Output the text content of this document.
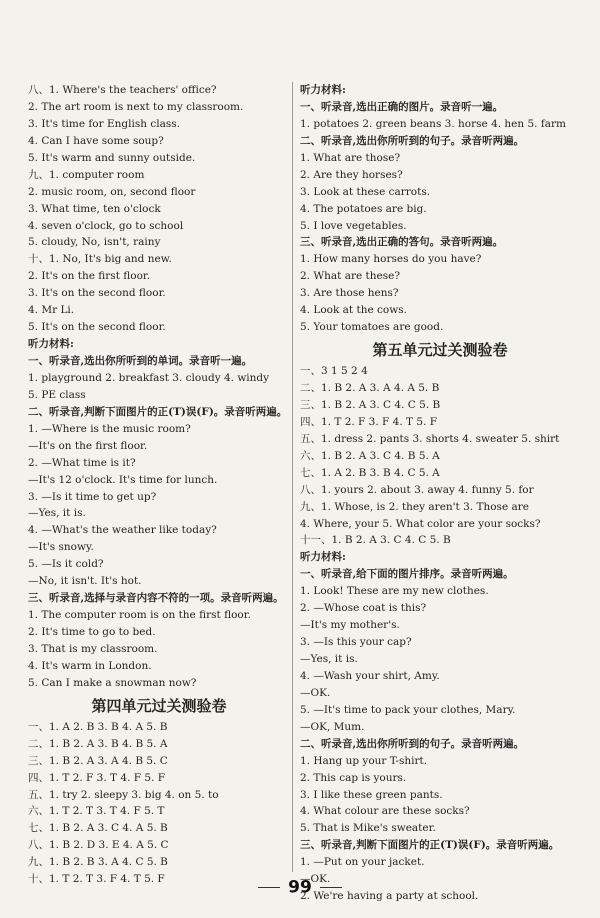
八、1. Where's the teachers' office?
2. The art room is next to my classroom.
3. It's time for English class.
4. Can I have some soup?
5. It's warm and sunny outside.
九、1. computer room
2. music room, on, second floor
3. What time, ten o'clock
4. seven o'clock, go to school
5. cloudy, No, isn't, rainy
十、1. No, It's big and new.
2. It's on the first floor.
3. It's on the second floor.
4. Mr Li.
5. It's on the second floor.
听力材料:
一、听录音,选出你所听到的单词。录音听一遍。
1. playground 2. breakfast 3. cloudy 4. windy
5. PE class
二、听录音,判断下面图片的正(T)误(F)。录音听两遍。
1. —Where is the music room?
—It's on the first floor.
2. —What time is it?
—It's 12 o'clock. It's time for lunch.
3. —Is it time to get up?
—Yes, it is.
4. —What's the weather like today?
—It's snowy.
5. —Is it cold?
—No, it isn't. It's hot.
三、听录音,选择与录音内容不符的一项。录音听两遍。
1. The computer room is on the first floor.
2. It's time to go to bed.
3. That is my classroom.
4. It's warm in London.
5. Can I make a snowman now?
第四单元过关测验卷
一、1. A 2. B 3. B 4. A 5. B
二、1. B 2. A 3. B 4. B 5. A
三、1. B 2. A 3. A 4. B 5. C
四、1. T 2. F 3. T 4. F 5. F
五、1. try 2. sleepy 3. big 4. on 5. to
六、1. T 2. T 3. T 4. F 5. T
七、1. B 2. A 3. C 4. A 5. B
八、1. B 2. D 3. E 4. A 5. C
九、1. B 2. B 3. A 4. C 5. B
十、1. T 2. T 3. F 4. T 5. F
听力材料:
一、听录音,选出正确的图片。录音听一遍。
1. potatoes 2. green beans 3. horse 4. hen 5. farm
二、听录音,选出你所听到的句子。录音听两遍。
1. What are those?
2. Are they horses?
3. Look at these carrots.
4. The potatoes are big.
5. I love vegetables.
三、听录音,选出正确的答句。录音听两遍。
1. How many horses do you have?
2. What are these?
3. Are those hens?
4. Look at the cows.
5. Your tomatoes are good.
第五单元过关测验卷
一、3 1 5 2 4
二、1. B 2. A 3. A 4. A 5. B
三、1. B 2. A 3. C 4. C 5. B
四、1. T 2. F 3. F 4. T 5. F
五、1. dress 2. pants 3. shorts 4. sweater 5. shirt
六、1. B 2. A 3. C 4. B 5. A
七、1. A 2. B 3. B 4. C 5. A
八、1. yours 2. about 3. away 4. funny 5. for
九、1. Whose, is 2. they aren't 3. Those are
4. Where, your 5. What color are your socks?
十一、1. B 2. A 3. C 4. C 5. B
听力材料:
一、听录音,给下面的图片排序。录音听两遍。
1. Look! These are my new clothes.
2. —Whose coat is this?
—It's my mother's.
3. —Is this your cap?
—Yes, it is.
4. —Wash your shirt, Amy.
—OK.
5. —It's time to pack your clothes, Mary.
—OK, Mum.
二、听录音,选出你所听到的句子。录音听两遍。
1. Hang up your T-shirt.
2. This cap is yours.
3. I like these green pants.
4. What colour are these socks?
5. That is Mike's sweater.
三、听录音,判断下面图片的正(T)误(F)。录音听两遍。
1. —Put on your jacket.
—OK.
2. We're having a party at school.
99
